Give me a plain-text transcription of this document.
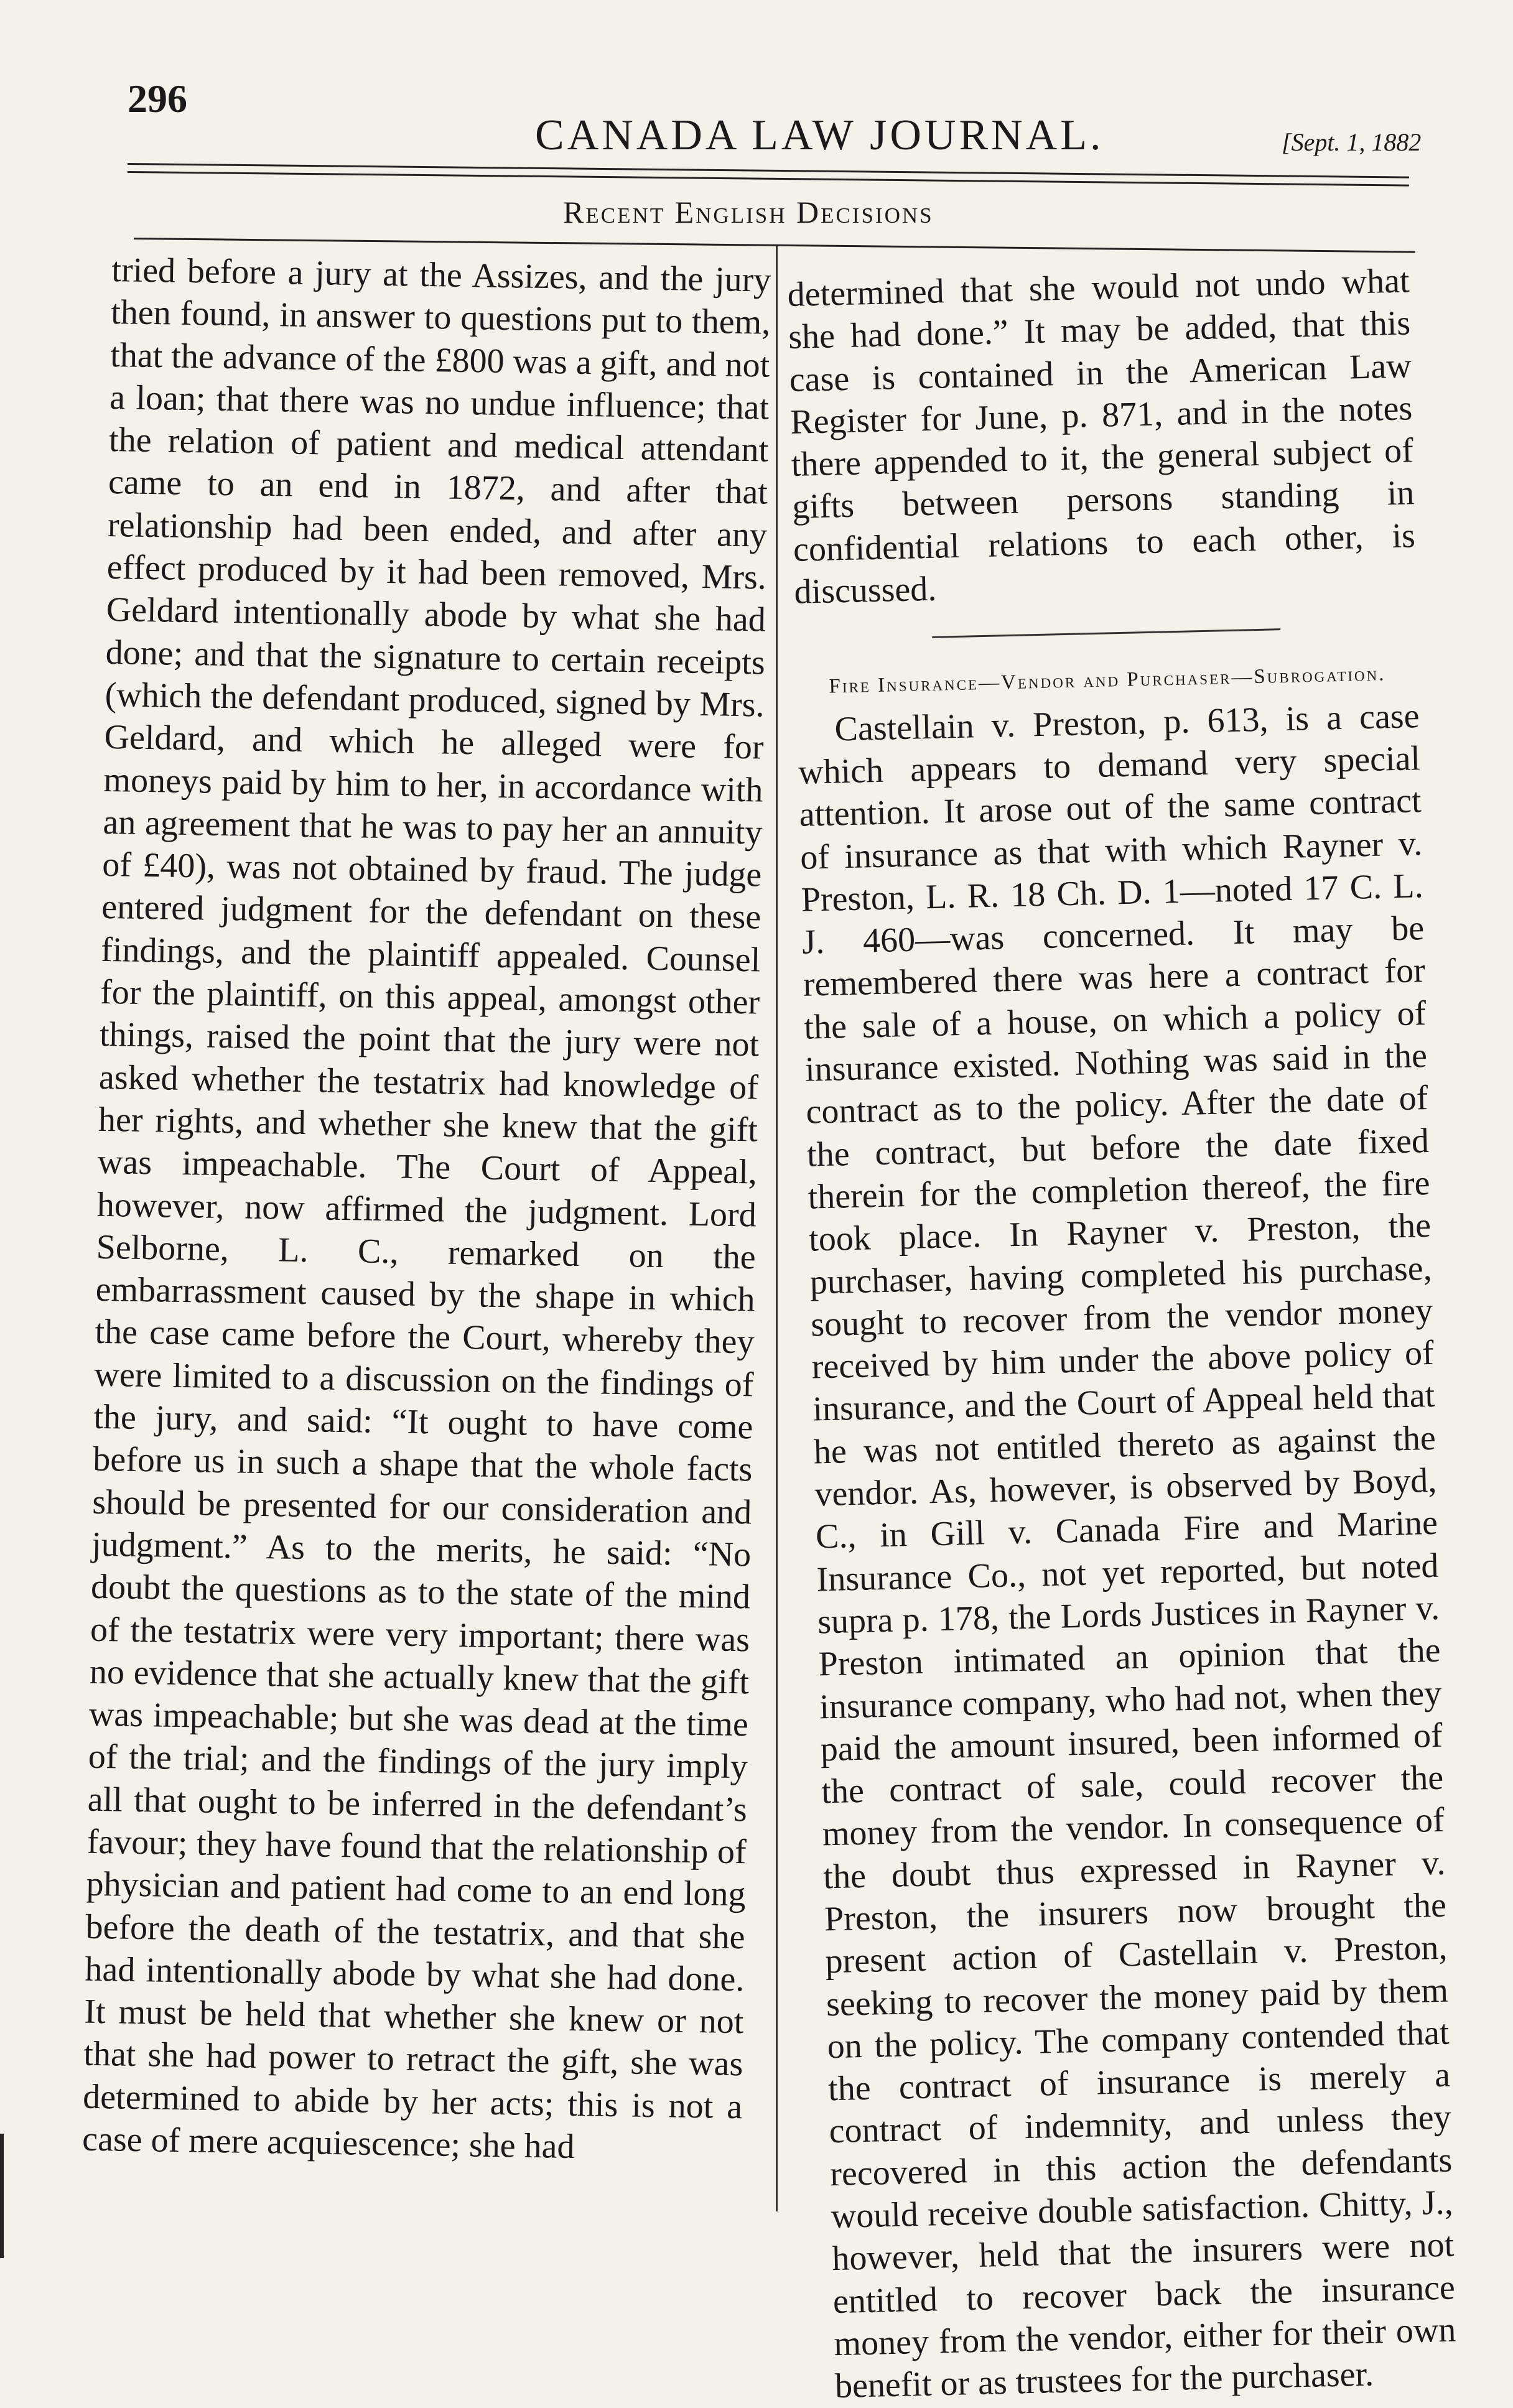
296
CANADA LAW JOURNAL.	[Sept. 1, 1882
Recent English Decisions

tried before a jury at the Assizes, and the jury then found, in answer to questions put to them, that the advance of the £800 was a gift, and not a loan; that there was no undue influence; that the relation of patient and medical attendant came to an end in 1872, and after that relationship had been ended, and after any effect produced by it had been removed, Mrs. Geldard intentionally abode by what she had done; and that the signature to certain receipts (which the defendant produced, signed by Mrs. Geldard, and which he alleged were for moneys paid by him to her, in accordance with an agreement that he was to pay her an annuity of £40), was not obtained by fraud. The judge entered judgment for the defendant on these findings, and the plaintiff appealed. Counsel for the plaintiff, on this appeal, amongst other things, raised the point that the jury were not asked whether the testatrix had knowledge of her rights, and whether she knew that the gift was impeachable. The Court of Appeal, however, now affirmed the judgment. Lord Selborne, L. C., remarked on the embarrassment caused by the shape in which the case came before the Court, whereby they were limited to a discussion on the findings of the jury, and said: “It ought to have come before us in such a shape that the whole facts should be presented for our consideration and judgment.” As to the merits, he said: “No doubt the questions as to the state of the mind of the testatrix were very important; there was no evidence that she actually knew that the gift was impeachable; but she was dead at the time of the trial; and the findings of the jury imply all that ought to be inferred in the defendant’s favour; they have found that the relationship of physician and patient had come to an end long before the death of the testatrix, and that she had intentionally abode by what she had done. It must be held that whether she knew or not that she had power to retract the gift, she was determined to abide by her acts; this is not a case of mere acquiescence; she had

determined that she would not undo what she had done.” It may be added, that this case is contained in the American Law Register for June, p. 871, and in the notes there appended to it, the general subject of gifts between persons standing in confidential relations to each other, is discussed.

Fire Insurance—Vendor and Purchaser—Subrogation.

Castellain v. Preston, p. 613, is a case which appears to demand very special attention. It arose out of the same contract of insurance as that with which Rayner v. Preston, L. R. 18 Ch. D. 1—noted 17 C. L. J. 460—was concerned. It may be remembered there was here a contract for the sale of a house, on which a policy of insurance existed. Nothing was said in the contract as to the policy. After the date of the contract, but before the date fixed therein for the completion thereof, the fire took place. In Rayner v. Preston, the purchaser, having completed his purchase, sought to recover from the vendor money received by him under the above policy of insurance, and the Court of Appeal held that he was not entitled thereto as against the vendor. As, however, is observed by Boyd, C., in Gill v. Canada Fire and Marine Insurance Co., not yet reported, but noted supra p. 178, the Lords Justices in Rayner v. Preston intimated an opinion that the insurance company, who had not, when they paid the amount insured, been informed of the contract of sale, could recover the money from the vendor. In consequence of the doubt thus expressed in Rayner v. Preston, the insurers now brought the present action of Castellain v. Preston, seeking to recover the money paid by them on the policy. The company contended that the contract of insurance is merely a contract of indemnity, and unless they recovered in this action the defendants would receive double satisfaction. Chitty, J., however, held that the insurers were not entitled to recover back the insurance money from the vendor, either for their own benefit or as trustees for the purchaser.
